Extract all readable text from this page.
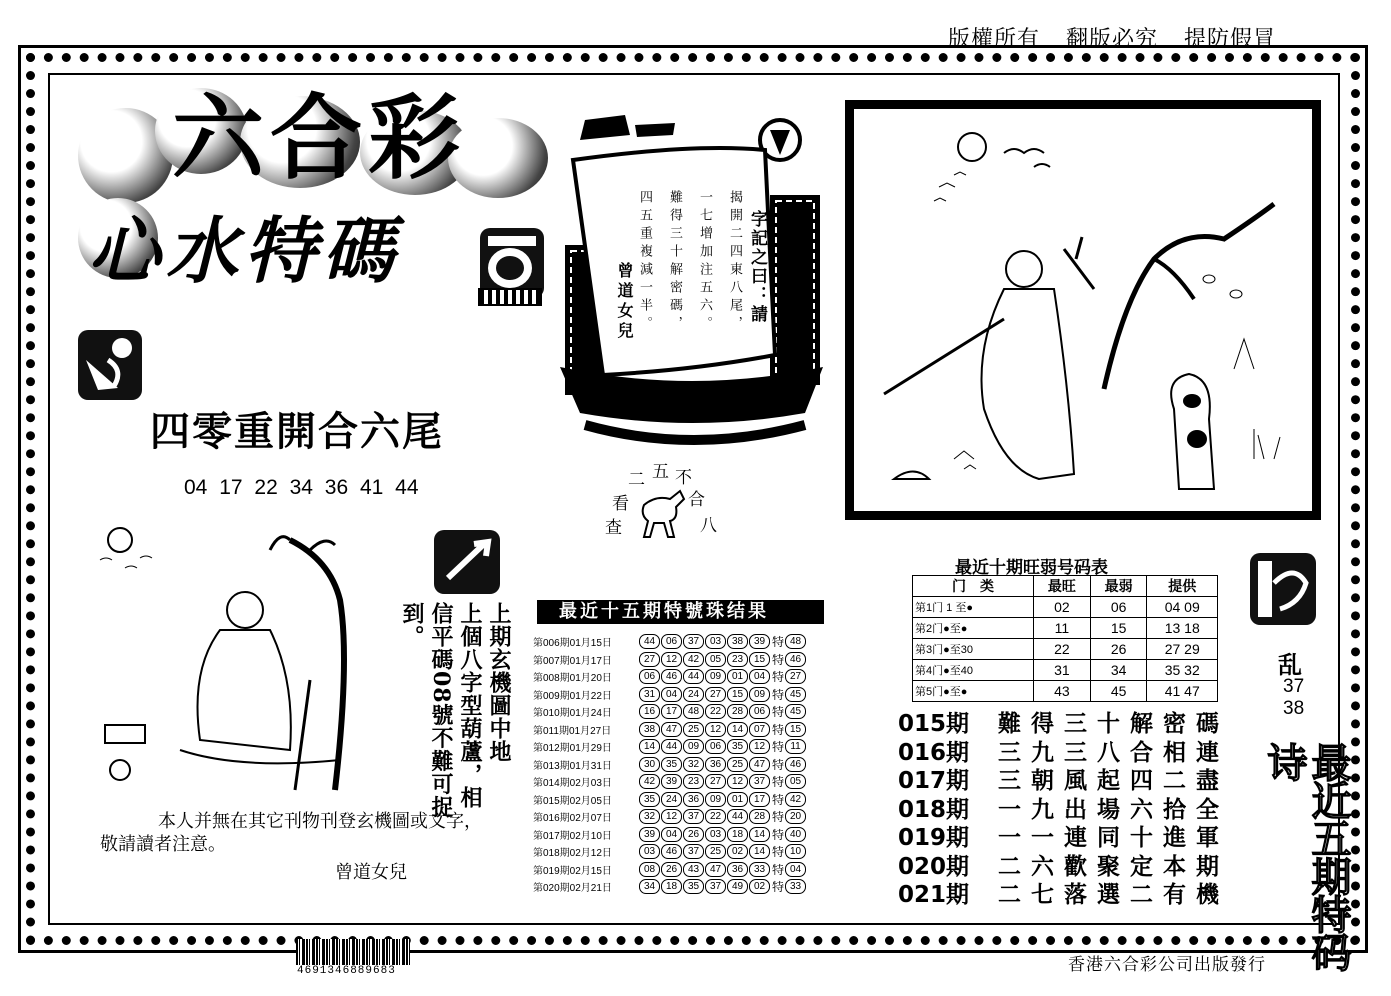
版權所有 翻版必究 提防假冒
六合彩
心水特碼
四零重開合六尾
04 17 22 34 36 41 44
字記之曰：請
揭開二四東八尾，
一七增加注五六。
難得三十解密碼，
四五重複減一半。
曾道女兒
五 不
二
合
看
八
查
上期玄機圖中地
上個八字型葫蘆，相
信平碼08號不難可捉
到。
本人并無在其它刊物刊登玄機圖或文字，
敬請讀者注意。
曾道女兒
最近十五期特號珠结果
第006期01月15日	44	06	37	03	38	39 特 48
第007期01月17日	27	12	42	05	23	15 特 46
第008期01月20日	06	46	44	09	01	04 特 27
第009期01月22日	31	04	24	27	15	09 特 45
第010期01月24日	16	17	48	22	28	06 特 45
第011期01月27日	38	47	25	12	14	07 特 15
第012期01月29日	14	44	09	06	35	12 特 11
第013期01月31日	30	35	32	36	25	47 特 46
第014期02月03日	42	39	23	27	12	37 特 05
第015期02月05日	35	24	36	09	01	17 特 42
第016期02月07日	32	12	37	22	44	28 特 20
第017期02月10日	39	04	26	03	18	14 特 40
第018期02月12日	03	46	37	25	02	14 特 10
第019期02月15日	08	26	43	47	36	33 特 04
第020期02月21日	34	18	35	37	49	02 特 33
最近十期旺弱号码表
门　类	最旺	最弱	提供
第1门 1 至●	02	06	04 09
第2门●至●	11	15	13 18
第3门●至30	22	26	27 29
第4门●至40	31	34	35 32
第5门●至●	43	45	41 47
乱
37
38
最近五期特码诗
015期 難得三十解密碼
016期 三九三八合相連
017期 三朝風起四二盡
018期 一九出場六拾全
019期 一一連同十進軍
020期 二六歡聚定本期
021期 二七落選二有機
4691346889683	香港六合彩公司出版發行
